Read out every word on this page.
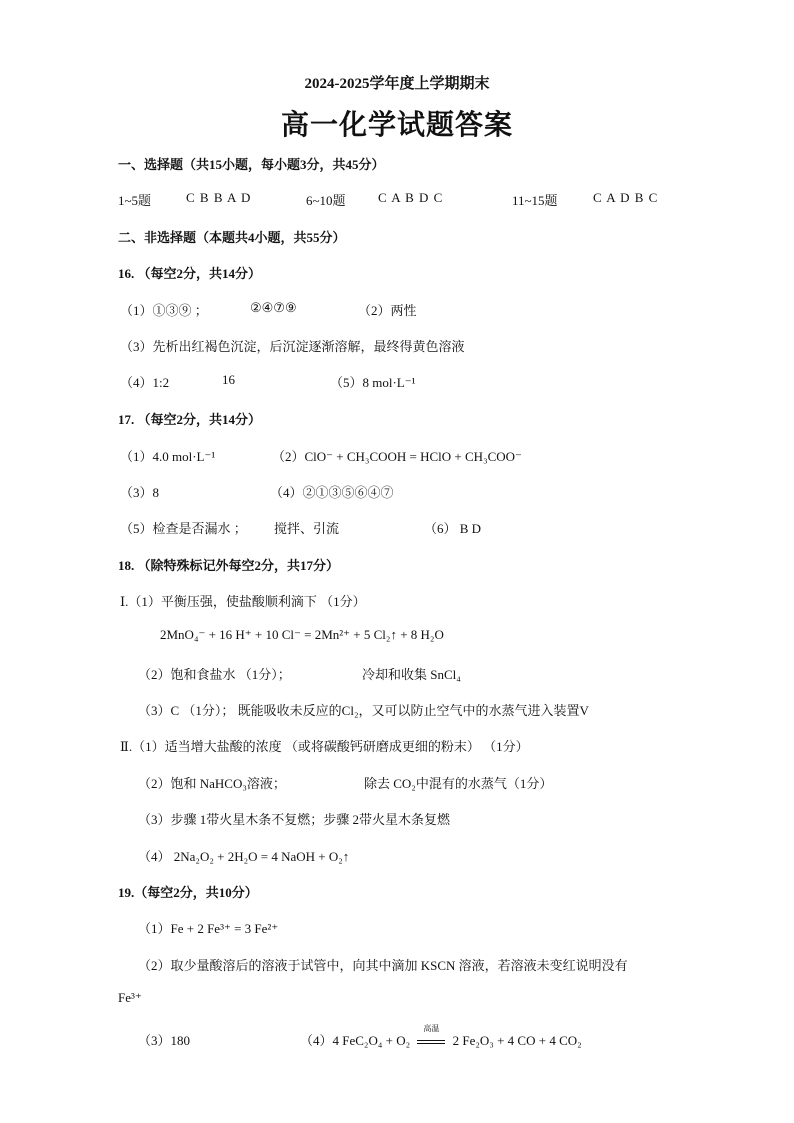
2024-2025学年度上学期期末
高一化学试题答案
一、选择题（共15小题，每小题3分，共45分）
1~5题	C B B A D	6~10题 C A B D C	11~15题	C A D B C
二、非选择题（本题共4小题，共55分）
16. （每空2分，共14分）
（1）①③⑨ ；	②④⑦⑨	（2）两性
（3）先析出红褐色沉淀，后沉淀逐渐溶解，最终得黄色溶液
（4）1:2	16	（5）8 mol·L⁻¹
17. （每空2分，共14分）
（1）4.0 mol·L⁻¹	（2）ClO⁻ + CH₃COOH = HClO + CH₃COO⁻
（3）8	（4）②①③⑤⑥④⑦
（5）检查是否漏水 ； 搅拌、引流	（6） B D
18. （除特殊标记外每空2分，共17分）
Ⅰ.（1）平衡压强，使盐酸顺利滴下 （1分）
2MnO₄⁻ + 16 H⁺ + 10 Cl⁻ = 2Mn²⁺ + 5 Cl₂↑ + 8 H₂O
（2）饱和食盐水 （1分）；	冷却和收集 SnCl₄
（3）C （1分）； 既能吸收未反应的Cl₂，又可以防止空气中的水蒸气进入装置V
Ⅱ.（1）适当增大盐酸的浓度 （或将碳酸钙研磨成更细的粉末） （1分）
（2）饱和 NaHCO₃溶液；	除去 CO₂中混有的水蒸气（1分）
（3）步骤 1带火星木条不复燃；步骤 2带火星木条复燃
（4） 2Na₂O₂ + 2H₂O = 4 NaOH + O₂↑
19.（每空2分，共10分）
（1）Fe + 2 Fe³⁺ = 3 Fe²⁺
（2）取少量酸溶后的溶液于试管中，向其中滴加 KSCN 溶液，若溶液未变红说明没有
Fe³⁺
（3）180	（4）4 FeC₂O₄ + O₂
高温
2 Fe₂O₃ + 4 CO + 4 CO₂
